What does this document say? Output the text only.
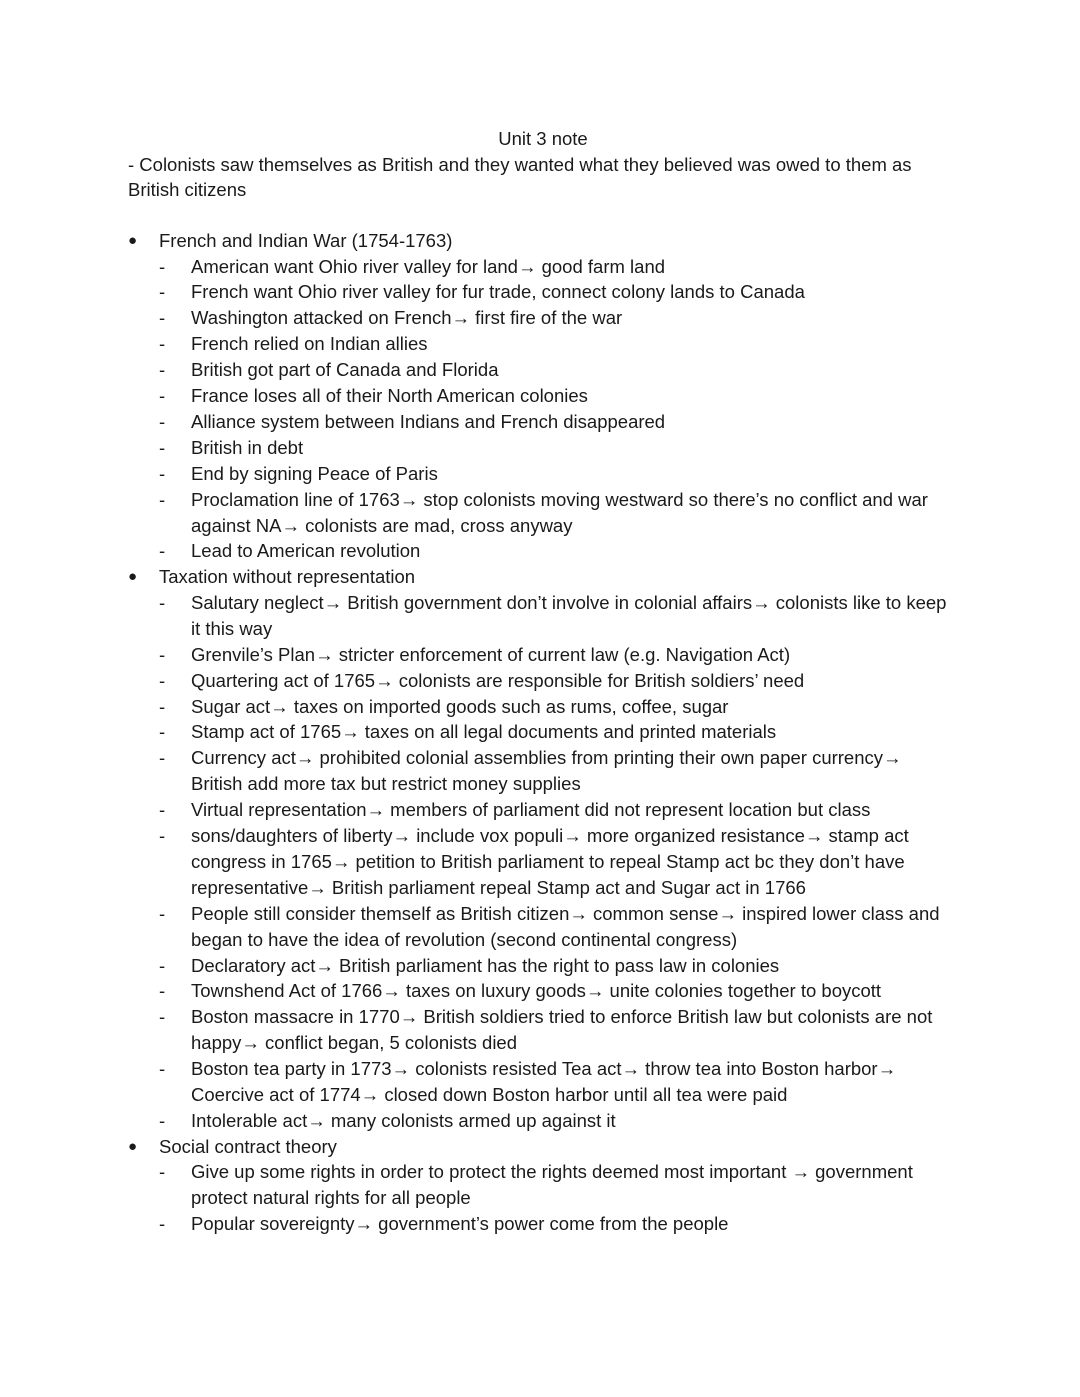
Unit 3 note

- Colonists saw themselves as British and they wanted what they believed was owed to them as British citizens

● French and Indian War (1754-1763)
- American want Ohio river valley for land→ good farm land
- French want Ohio river valley for fur trade, connect colony lands to Canada
- Washington attacked on French→ first fire of the war
- French relied on Indian allies
- British got part of Canada and Florida
- France loses all of their North American colonies
- Alliance system between Indians and French disappeared
- British in debt
- End by signing Peace of Paris
- Proclamation line of 1763→ stop colonists moving westward so there’s no conflict and war against NA→ colonists are mad, cross anyway
- Lead to American revolution
● Taxation without representation
- Salutary neglect→ British government don’t involve in colonial affairs→ colonists like to keep it this way
- Grenvile’s Plan→ stricter enforcement of current law (e.g. Navigation Act)
- Quartering act of 1765→ colonists are responsible for British soldiers’ need
- Sugar act→ taxes on imported goods such as rums, coffee, sugar
- Stamp act of 1765→ taxes on all legal documents and printed materials
- Currency act→ prohibited colonial assemblies from printing their own paper currency→ British add more tax but restrict money supplies
- Virtual representation→ members of parliament did not represent location but class
- sons/daughters of liberty→ include vox populi→ more organized resistance→ stamp act congress in 1765→ petition to British parliament to repeal Stamp act bc they don’t have representative→ British parliament repeal Stamp act and Sugar act in 1766
- People still consider themself as British citizen→ common sense→ inspired lower class and began to have the idea of revolution (second continental congress)
- Declaratory act→ British parliament has the right to pass law in colonies
- Townshend Act of 1766→ taxes on luxury goods→ unite colonies together to boycott
- Boston massacre in 1770→ British soldiers tried to enforce British law but colonists are not happy→ conflict began, 5 colonists died
- Boston tea party in 1773→ colonists resisted Tea act→ throw tea into Boston harbor→ Coercive act of 1774→ closed down Boston harbor until all tea were paid
- Intolerable act→ many colonists armed up against it
● Social contract theory
- Give up some rights in order to protect the rights deemed most important → government protect natural rights for all people
- Popular sovereignty→ government’s power come from the people
